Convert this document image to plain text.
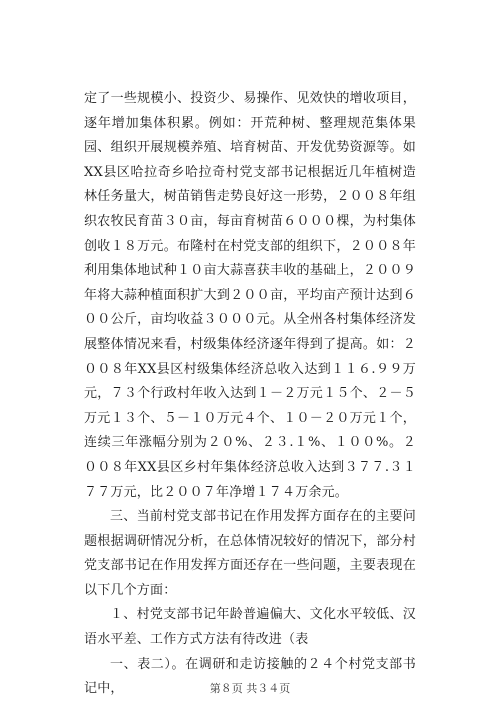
定了一些规模小、投资少、易操作、见效快的增收项目，逐年增加集体积累。例如：开荒种树、整理规范集体果园、组织开展规模养殖、培育树苗、开发优势资源等。如XX县区哈拉奇乡哈拉奇村党支部书记根据近几年植树造林任务量大，树苗销售走势良好这一形势，２００８年组织农牧民育苗３０亩，每亩育树苗６０００棵，为村集体创收１８万元。布隆村在村党支部的组织下，２００８年利用集体地试种１０亩大蒜喜获丰收的基础上，２００９年将大蒜种植面积扩大到２００亩，平均亩产预计达到６００公斤，亩均收益３０００元。从全州各村集体经济发展整体情况来看，村级集体经济逐年得到了提高。如：２００８年XX县区村级集体经济总收入达到１１６.９９万元，７３个行政村年收入达到１－２万元１５个、２－５万元１３个、５－１０万元４个、１０－２０万元１个，连续三年涨幅分别为２０%、２３.１%、１００%。２００８年XX县区乡村年集体经济总收入达到３７７.３１７７万元，比２００７年净增１７４万余元。

三、当前村党支部书记在作用发挥方面存在的主要问题根据调研情况分析，在总体情况较好的情况下，部分村党支部书记在作用发挥方面还存在一些问题，主要表现在以下几个方面：

１、村党支部书记年龄普遍偏大、文化水平较低、汉语水平差、工作方式方法有待改进（表

一、表二）。在调研和走访接触的２４个村党支部书记中，	第８页 共３４页
